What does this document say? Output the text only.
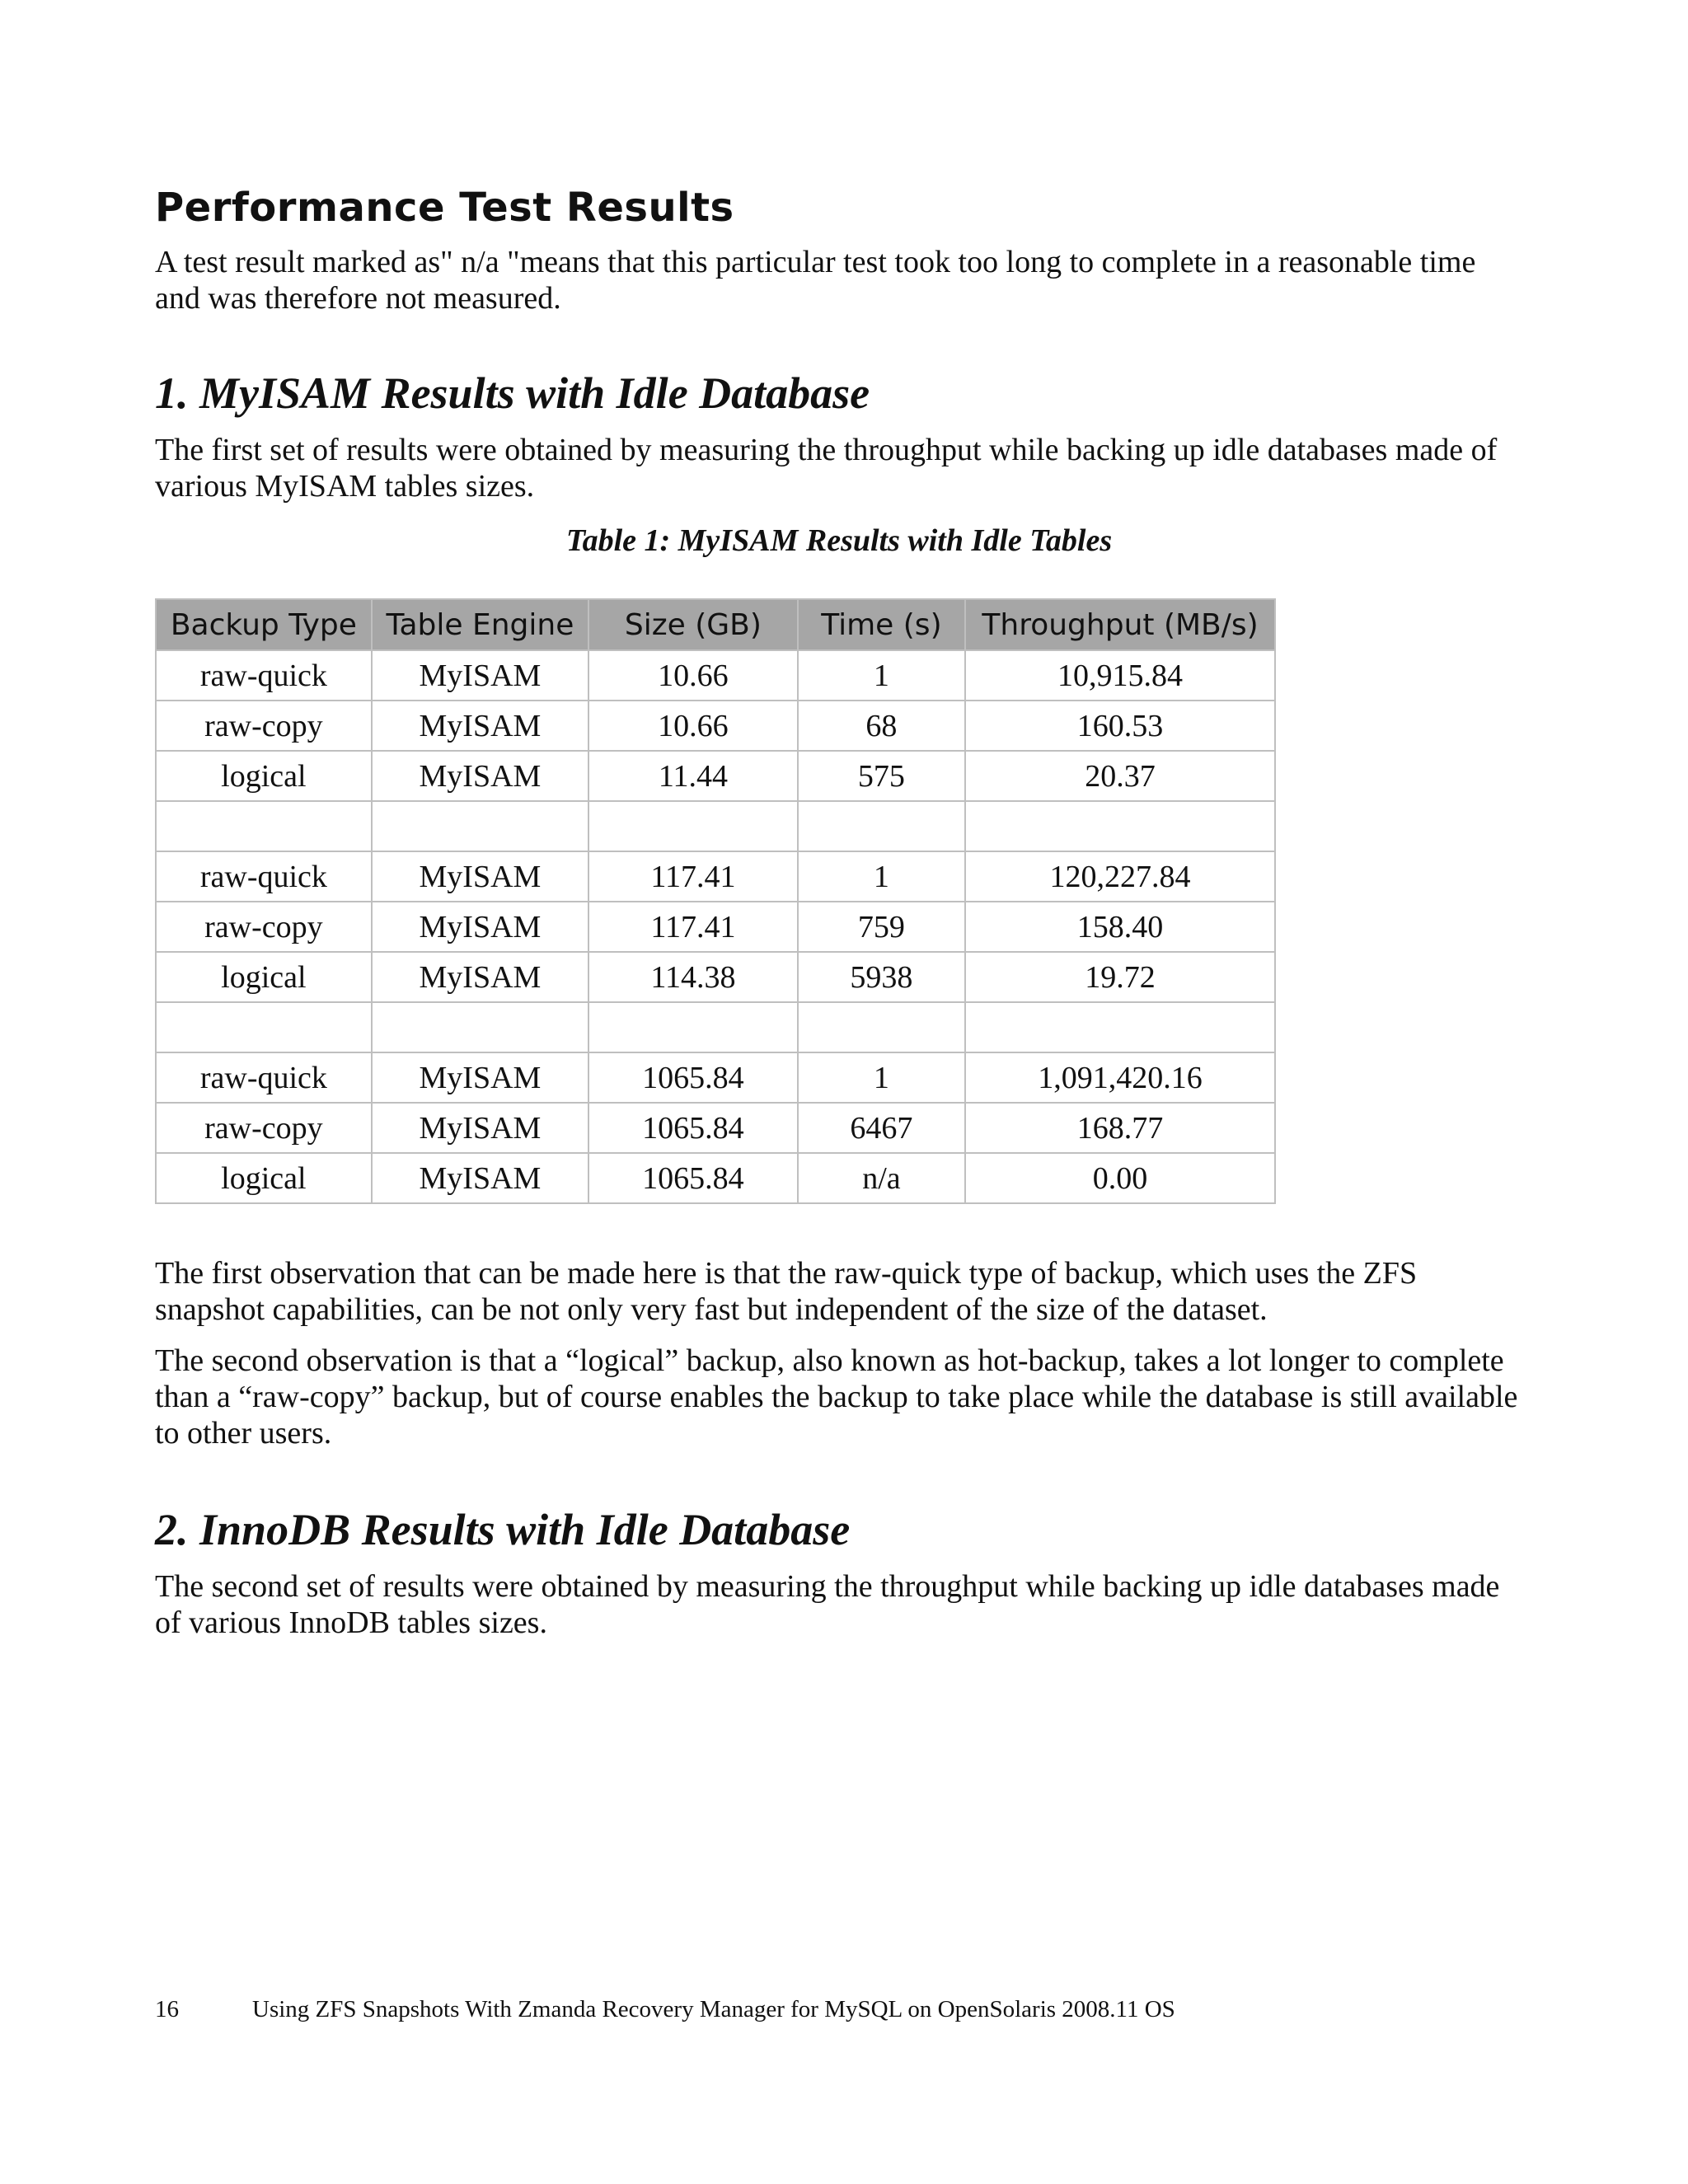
Performance Test Results

A test result marked as" n/a "means that this particular test took too long to complete in a reasonable time and was therefore not measured.

1. MyISAM Results with Idle Database

The first set of results were obtained by measuring the throughput while backing up idle databases made of various MyISAM tables sizes.

Table 1: MyISAM Results with Idle Tables

Backup Type	Table Engine	Size (GB)	Time (s)	Throughput (MB/s)
raw-quick	MyISAM	10.66	1	10,915.84
raw-copy	MyISAM	10.66	68	160.53
logical	MyISAM	11.44	575	20.37

raw-quick	MyISAM	117.41	1	120,227.84
raw-copy	MyISAM	117.41	759	158.40
logical	MyISAM	114.38	5938	19.72

raw-quick	MyISAM	1065.84	1	1,091,420.16
raw-copy	MyISAM	1065.84	6467	168.77
logical	MyISAM	1065.84	n/a	0.00

The first observation that can be made here is that the raw-quick type of backup, which uses the ZFS snapshot capabilities, can be not only very fast but independent of the size of the dataset.

The second observation is that a “logical” backup, also known as hot-backup, takes a lot longer to complete than a “raw-copy” backup, but of course enables the backup to take place while the database is still available to other users.

2. InnoDB Results with Idle Database

The second set of results were obtained by measuring the throughput while backing up idle databases made of various InnoDB tables sizes.

16	Using ZFS Snapshots With Zmanda Recovery Manager for MySQL on OpenSolaris 2008.11 OS
